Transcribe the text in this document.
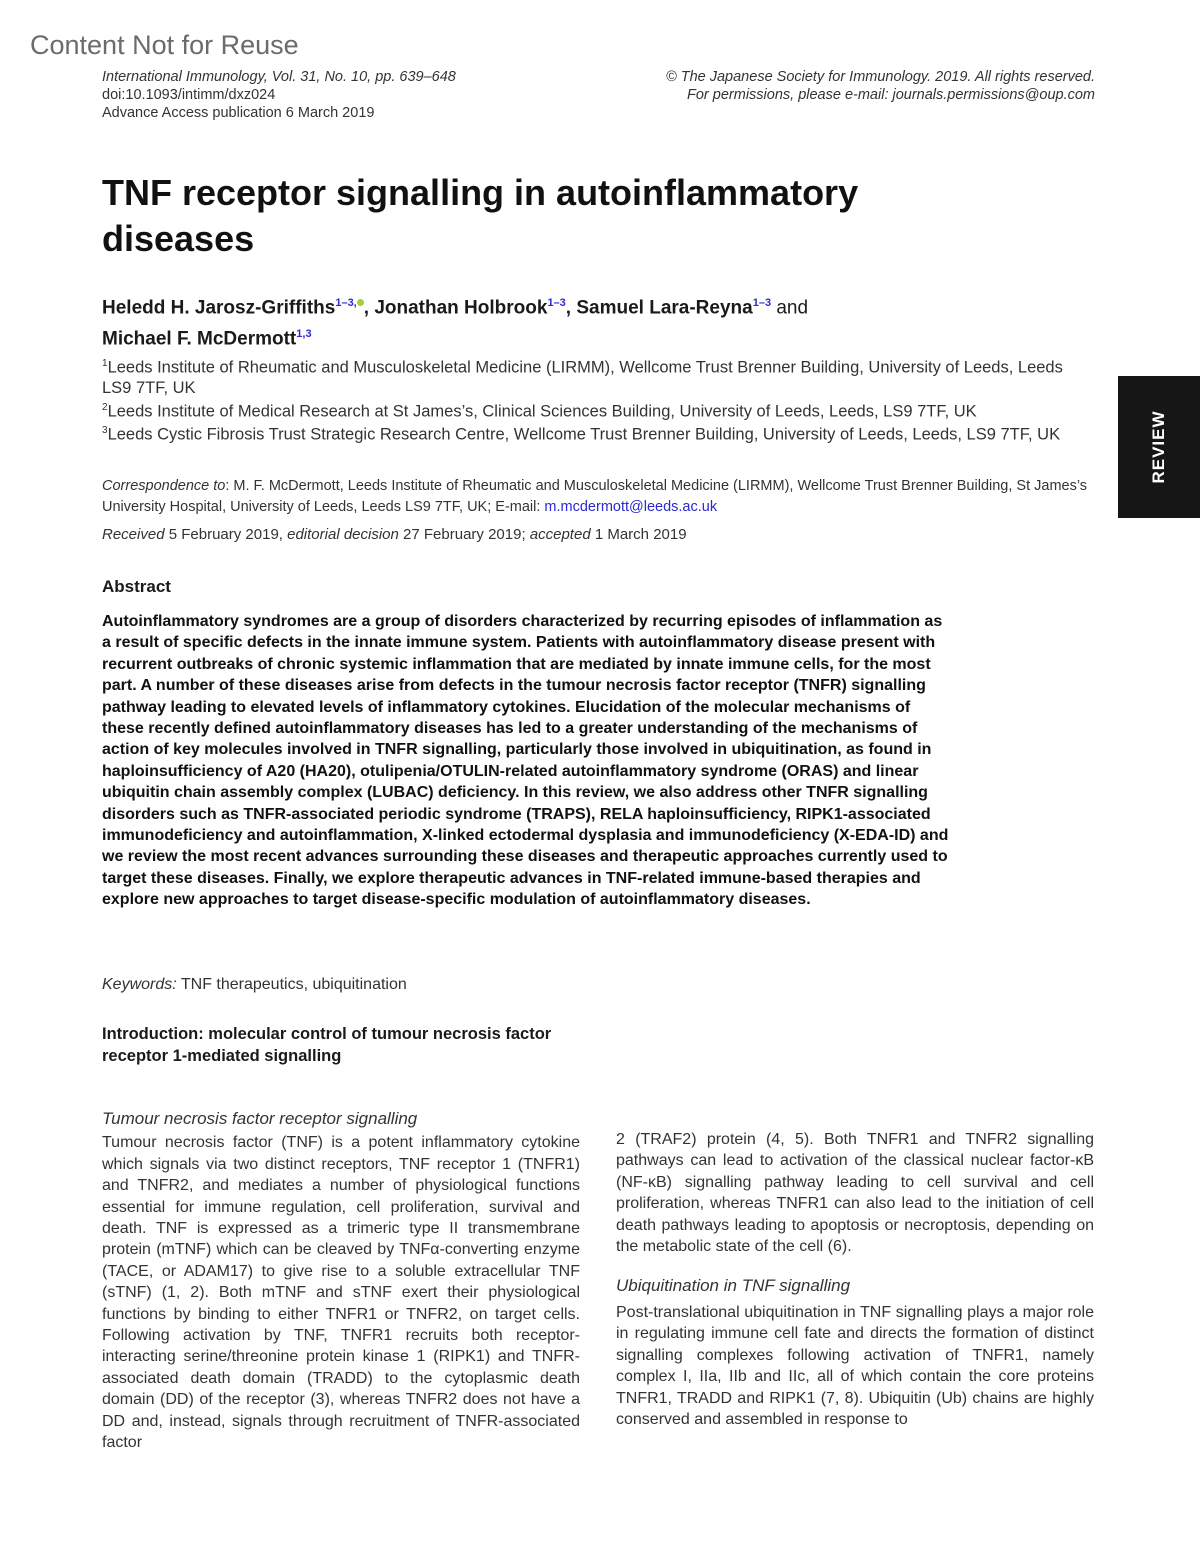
Content Not for Reuse
International Immunology, Vol. 31, No. 10, pp. 639–648
doi:10.1093/intimm/dxz024
Advance Access publication 6 March 2019
© The Japanese Society for Immunology. 2019. All rights reserved.
For permissions, please e-mail: journals.permissions@oup.com
TNF receptor signalling in autoinflammatory diseases
Heledd H. Jarosz-Griffiths$^{1-3,}$ , Jonathan Holbrook$^{1-3}$, Samuel Lara-Reyna$^{1-3}$ and
Michael F. McDermott$^{1,3}$

$^1$Leeds Institute of Rheumatic and Musculoskeletal Medicine (LIRMM), Wellcome Trust Brenner Building, University of Leeds, Leeds LS9 7TF, UK

$^2$Leeds Institute of Medical Research at St James’s, Clinical Sciences Building, University of Leeds, Leeds, LS9 7TF, UK

$^3$Leeds Cystic Fibrosis Trust Strategic Research Centre, Wellcome Trust Brenner Building, University of Leeds, Leeds, LS9 7TF, UK

Correspondence to: M. F. McDermott, Leeds Institute of Rheumatic and Musculoskeletal Medicine (LIRMM), Wellcome Trust Brenner Building, St James’s University Hospital, University of Leeds, Leeds LS9 7TF, UK; E-mail: m.mcdermott@leeds.ac.uk
Received 5 February 2019, editorial decision 27 February 2019; accepted 1 March 2019
Abstract
Autoinflammatory syndromes are a group of disorders characterized by recurring episodes of inflammation as a result of specific defects in the innate immune system. Patients with autoinflammatory disease present with recurrent outbreaks of chronic systemic inflammation that are mediated by innate immune cells, for the most part. A number of these diseases arise from defects in the tumour necrosis factor receptor (TNFR) signalling pathway leading to elevated levels of inflammatory cytokines. Elucidation of the molecular mechanisms of these recently defined autoinflammatory diseases has led to a greater understanding of the mechanisms of action of key molecules involved in TNFR signalling, particularly those involved in ubiquitination, as found in haploinsufficiency of A20 (HA20), otulipenia/OTULIN-related autoinflammatory syndrome (ORAS) and linear ubiquitin chain assembly complex (LUBAC) deficiency. In this review, we also address other TNFR signalling disorders such as TNFR-associated periodic syndrome (TRAPS), RELA haploinsufficiency, RIPK1-associated immunodeficiency and autoinflammation, X-linked ectodermal dysplasia and immunodeficiency (X-EDA-ID) and we review the most recent advances surrounding these diseases and therapeutic approaches currently used to target these diseases. Finally, we explore therapeutic advances in TNF-related immune-based therapies and explore new approaches to target disease-specific modulation of autoinflammatory diseases.
Keywords: TNF therapeutics, ubiquitination
Introduction: molecular control of tumour necrosis factor receptor 1-mediated signalling
Tumour necrosis factor receptor signalling
Tumour necrosis factor (TNF) is a potent inflammatory cytokine which signals via two distinct receptors, TNF receptor 1 (TNFR1) and TNFR2, and mediates a number of physiological functions essential for immune regulation, cell proliferation, survival and death. TNF is expressed as a trimeric type II transmembrane protein (mTNF) which can be cleaved by TNFα-converting enzyme (TACE, or ADAM17) to give rise to a soluble extracellular TNF (sTNF) (1, 2). Both mTNF and sTNF exert their physiological functions by binding to either TNFR1 or TNFR2, on target cells. Following activation by TNF, TNFR1 recruits both receptor-interacting serine/threonine protein kinase 1 (RIPK1) and TNFR-associated death domain (TRADD) to the cytoplasmic death domain (DD) of the receptor (3), whereas TNFR2 does not have a DD and, instead, signals through recruitment of TNFR-associated factor
2 (TRAF2) protein (4, 5). Both TNFR1 and TNFR2 signalling pathways can lead to activation of the classical nuclear factor-κB (NF-κB) signalling pathway leading to cell survival and cell proliferation, whereas TNFR1 can also lead to the initiation of cell death pathways leading to apoptosis or necroptosis, depending on the metabolic state of the cell (6).
Ubiquitination in TNF signalling
Post-translational ubiquitination in TNF signalling plays a major role in regulating immune cell fate and directs the formation of distinct signalling complexes following activation of TNFR1, namely complex I, IIa, IIb and IIc, all of which contain the core proteins TNFR1, TRADD and RIPK1 (7, 8). Ubiquitin (Ub) chains are highly conserved and assembled in response to
REVIEW
